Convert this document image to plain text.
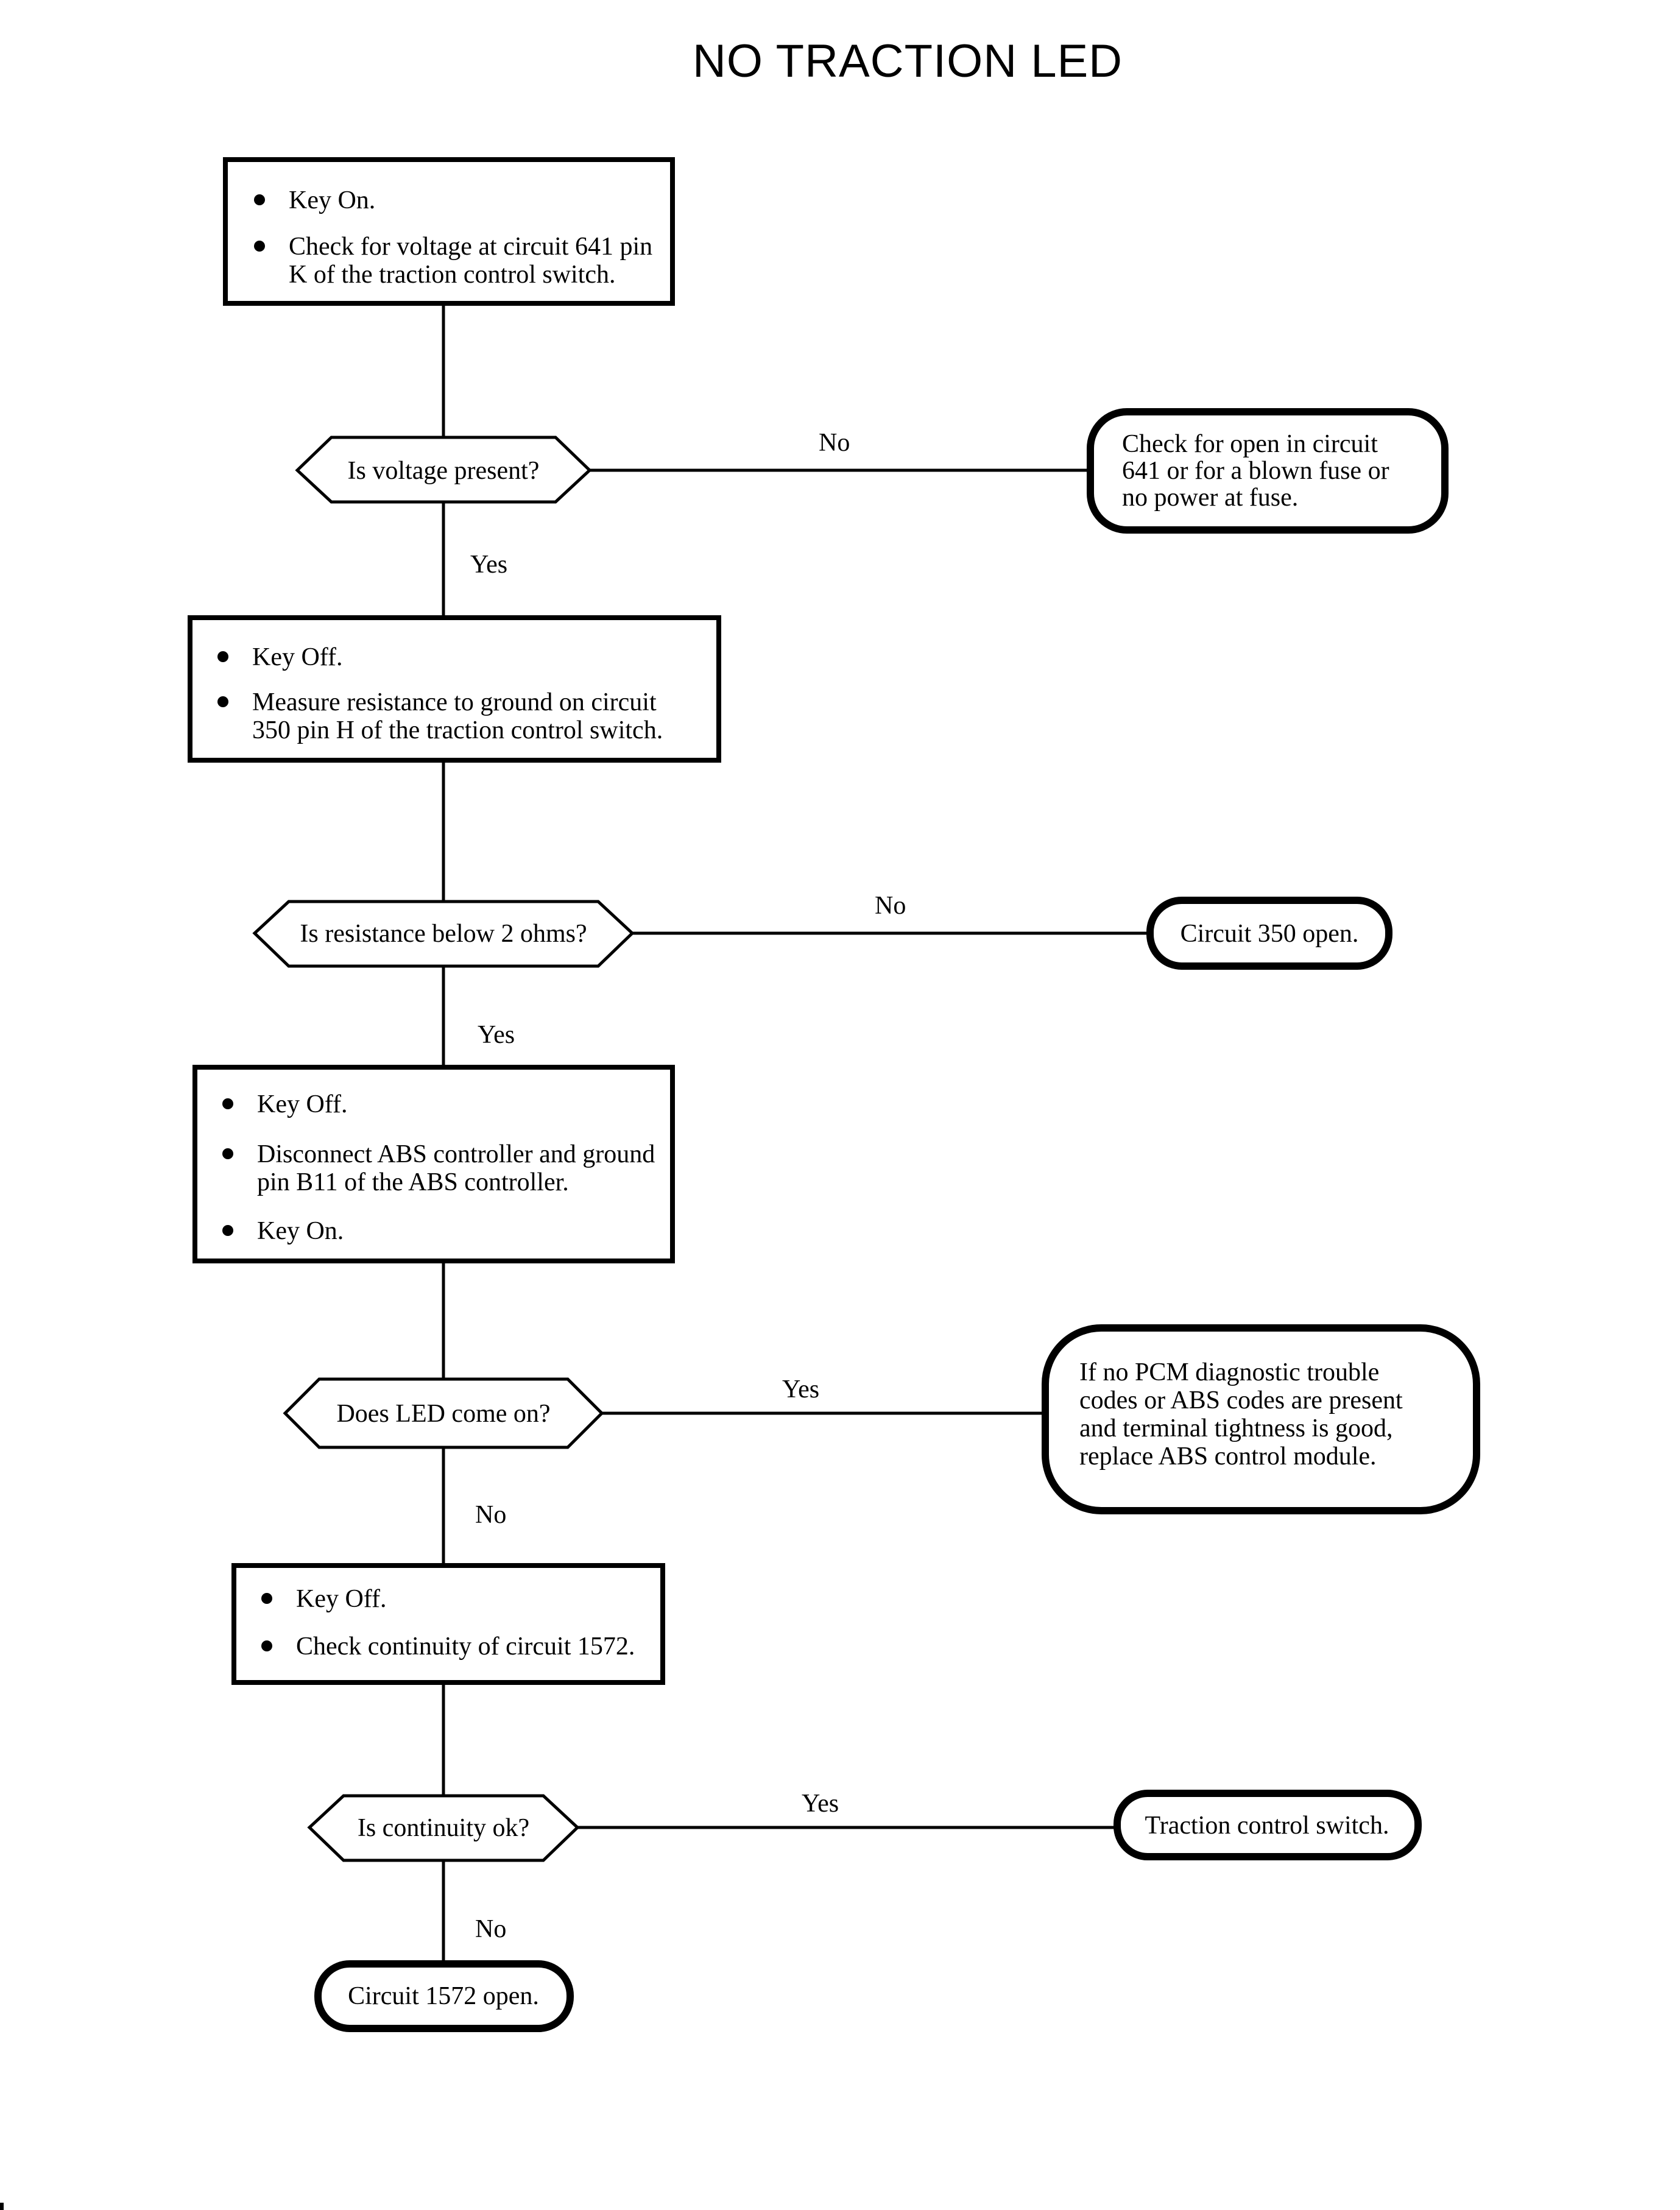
NO TRACTION LED
No
Yes
No
Yes
Yes
No
Yes
No
Key On.
Check for voltage at circuit 641 pin
K of the traction control switch.
Is voltage present?
Check for open in circuit
641 or for a blown fuse or
no power at fuse.
Key Off.
Measure resistance to ground on circuit
350 pin H of the traction control switch.
Is resistance below 2 ohms?	Circuit 350 open.
Key Off.
Disconnect ABS controller and ground
pin B11 of the ABS controller.
Key On.
Does LED come on?
If no PCM diagnostic trouble
codes or ABS codes are present
and terminal tightness is good,
replace ABS control module.
Key Off.
Check continuity of circuit 1572.
Is continuity ok?	Traction control switch.
Circuit 1572 open.
